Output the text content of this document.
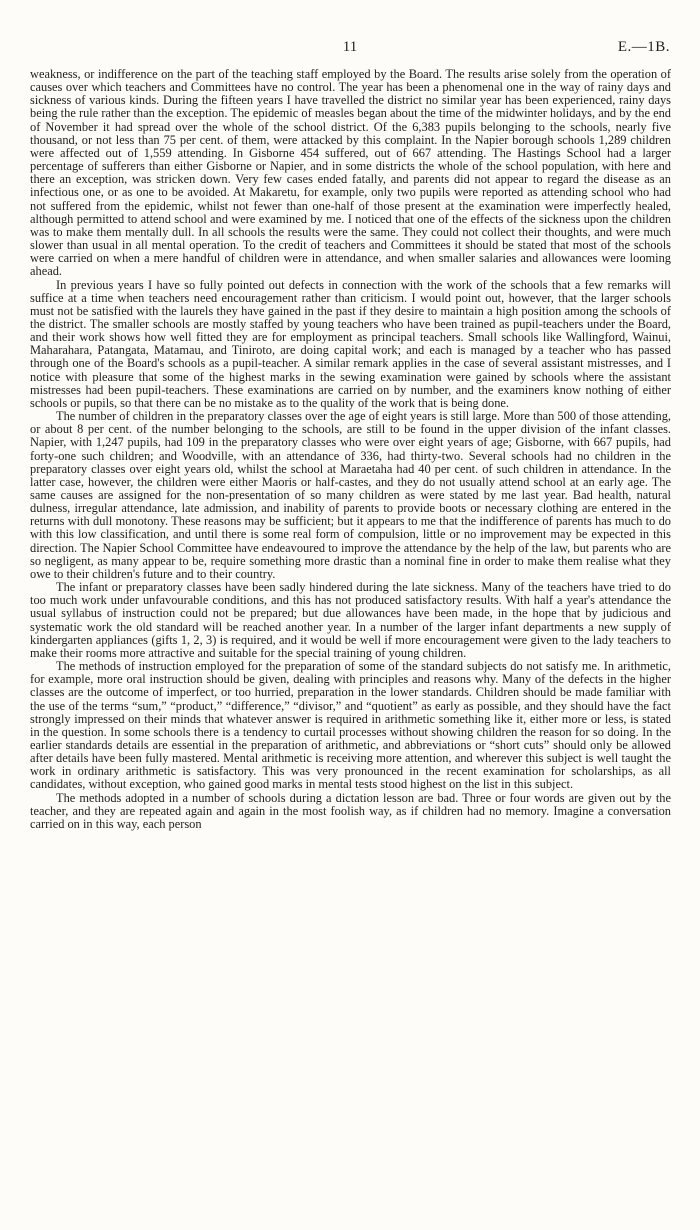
11	E.—1B.

weakness, or indifference on the part of the teaching staff employed by the Board. The results arise solely from the operation of causes over which teachers and Committees have no control. The year has been a phenomenal one in the way of rainy days and sickness of various kinds. During the fifteen years I have travelled the district no similar year has been experienced, rainy days being the rule rather than the exception. The epidemic of measles began about the time of the midwinter holidays, and by the end of November it had spread over the whole of the school district. Of the 6,383 pupils belonging to the schools, nearly five thousand, or not less than 75 per cent. of them, were attacked by this complaint. In the Napier borough schools 1,289 children were affected out of 1,559 attending. In Gisborne 454 suffered, out of 667 attending. The Hastings School had a larger percentage of sufferers than either Gisborne or Napier, and in some districts the whole of the school population, with here and there an exception, was stricken down. Very few cases ended fatally, and parents did not appear to regard the disease as an infectious one, or as one to be avoided. At Makaretu, for example, only two pupils were reported as attending school who had not suffered from the epidemic, whilst not fewer than one-half of those present at the examination were imperfectly healed, although permitted to attend school and were examined by me. I noticed that one of the effects of the sickness upon the children was to make them mentally dull. In all schools the results were the same. They could not collect their thoughts, and were much slower than usual in all mental operation. To the credit of teachers and Committees it should be stated that most of the schools were carried on when a mere handful of children were in attendance, and when smaller salaries and allowances were looming ahead.

In previous years I have so fully pointed out defects in connection with the work of the schools that a few remarks will suffice at a time when teachers need encouragement rather than criticism. I would point out, however, that the larger schools must not be satisfied with the laurels they have gained in the past if they desire to maintain a high position among the schools of the district. The smaller schools are mostly staffed by young teachers who have been trained as pupil-teachers under the Board, and their work shows how well fitted they are for employment as principal teachers. Small schools like Wallingford, Wainui, Maharahara, Patangata, Matamau, and Tiniroto, are doing capital work; and each is managed by a teacher who has passed through one of the Board's schools as a pupil-teacher. A similar remark applies in the case of several assistant mistresses, and I notice with pleasure that some of the highest marks in the sewing examination were gained by schools where the assistant mistresses had been pupil-teachers. These examinations are carried on by number, and the examiners know nothing of either schools or pupils, so that there can be no mistake as to the quality of the work that is being done.

The number of children in the preparatory classes over the age of eight years is still large. More than 500 of those attending, or about 8 per cent. of the number belonging to the schools, are still to be found in the upper division of the infant classes. Napier, with 1,247 pupils, had 109 in the preparatory classes who were over eight years of age; Gisborne, with 667 pupils, had forty-one such children; and Woodville, with an attendance of 336, had thirty-two. Several schools had no children in the preparatory classes over eight years old, whilst the school at Maraetaha had 40 per cent. of such children in attendance. In the latter case, however, the children were either Maoris or half-castes, and they do not usually attend school at an early age. The same causes are assigned for the non-presentation of so many children as were stated by me last year. Bad health, natural dulness, irregular attendance, late admission, and inability of parents to provide boots or necessary clothing are entered in the returns with dull monotony. These reasons may be sufficient; but it appears to me that the indifference of parents has much to do with this low classification, and until there is some real form of compulsion, little or no improvement may be expected in this direction. The Napier School Committee have endeavoured to improve the attendance by the help of the law, but parents who are so negligent, as many appear to be, require something more drastic than a nominal fine in order to make them realise what they owe to their children's future and to their country.

The infant or preparatory classes have been sadly hindered during the late sickness. Many of the teachers have tried to do too much work under unfavourable conditions, and this has not produced satisfactory results. With half a year's attendance the usual syllabus of instruction could not be prepared; but due allowances have been made, in the hope that by judicious and systematic work the old standard will be reached another year. In a number of the larger infant departments a new supply of kindergarten appliances (gifts 1, 2, 3) is required, and it would be well if more encouragement were given to the lady teachers to make their rooms more attractive and suitable for the special training of young children.

The methods of instruction employed for the preparation of some of the standard subjects do not satisfy me. In arithmetic, for example, more oral instruction should be given, dealing with principles and reasons why. Many of the defects in the higher classes are the outcome of imperfect, or too hurried, preparation in the lower standards. Children should be made familiar with the use of the terms “sum,” “product,” “difference,” “divisor,” and “quotient” as early as possible, and they should have the fact strongly impressed on their minds that whatever answer is required in arithmetic something like it, either more or less, is stated in the question. In some schools there is a tendency to curtail processes without showing children the reason for so doing. In the earlier standards details are essential in the preparation of arithmetic, and abbreviations or “short cuts” should only be allowed after details have been fully mastered. Mental arithmetic is receiving more attention, and wherever this subject is well taught the work in ordinary arithmetic is satisfactory. This was very pronounced in the recent examination for scholarships, as all candidates, without exception, who gained good marks in mental tests stood highest on the list in this subject.

The methods adopted in a number of schools during a dictation lesson are bad. Three or four words are given out by the teacher, and they are repeated again and again in the most foolish way, as if children had no memory. Imagine a conversation carried on in this way, each person
